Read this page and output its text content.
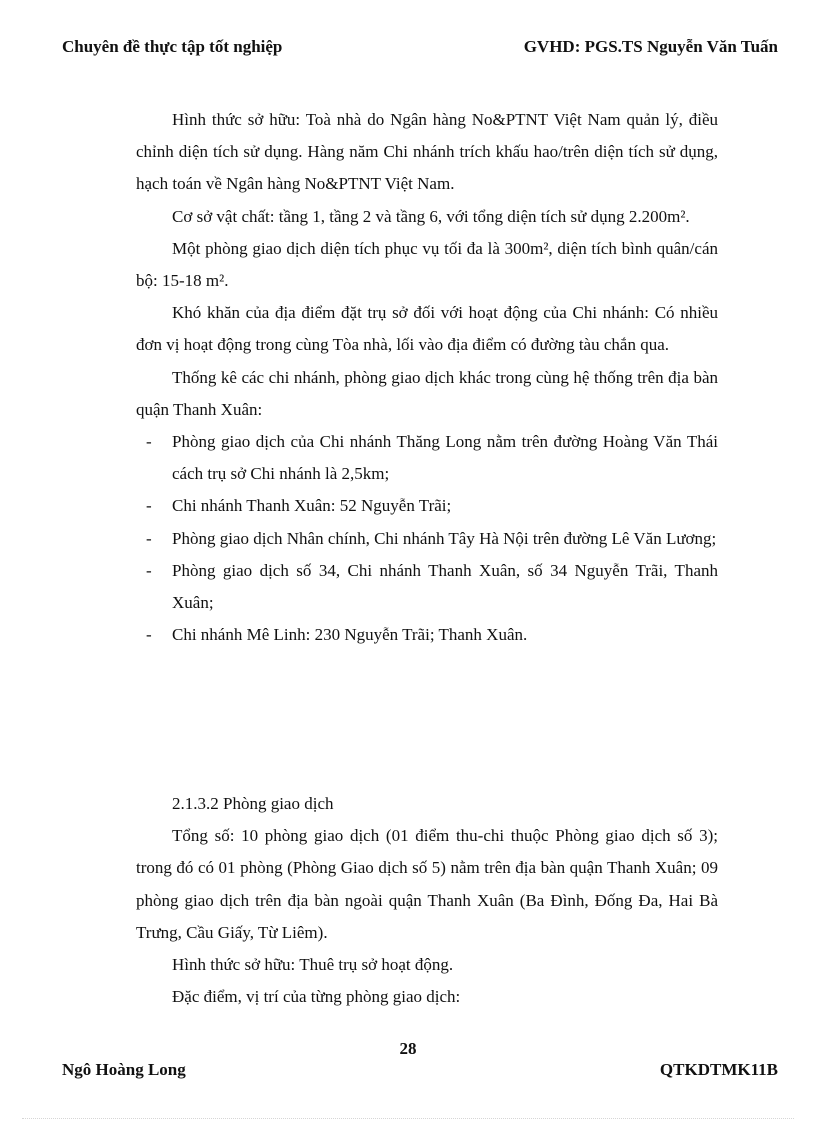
Chuyên đề thực tập tốt nghiệp	GVHD: PGS.TS Nguyễn Văn Tuấn

Hình thức sở hữu: Toà nhà do Ngân hàng No&PTNT Việt Nam quản lý, điều chỉnh diện tích sử dụng. Hàng năm Chi nhánh trích khấu hao/trên diện tích sử dụng, hạch toán về Ngân hàng No&PTNT Việt Nam.

Cơ sở vật chất: tầng 1, tầng 2 và tầng 6, với tổng diện tích sử dụng 2.200m².

Một phòng giao dịch diện tích phục vụ tối đa là 300m², diện tích bình quân/cán bộ: 15-18 m².

Khó khăn của địa điểm đặt trụ sở đối với hoạt động của Chi nhánh: Có nhiều đơn vị hoạt động trong cùng Tòa nhà, lối vào địa điểm có đường tàu chắn qua.

Thống kê các chi nhánh, phòng giao dịch khác trong cùng hệ thống trên địa bàn quận Thanh Xuân:

- Phòng giao dịch của Chi nhánh Thăng Long nằm trên đường Hoàng Văn Thái cách trụ sở Chi nhánh là 2,5km;
- Chi nhánh Thanh Xuân: 52 Nguyễn Trãi;
- Phòng giao dịch Nhân chính, Chi nhánh Tây Hà Nội trên đường Lê Văn Lương;
- Phòng giao dịch số 34, Chi nhánh Thanh Xuân, số 34 Nguyễn Trãi, Thanh Xuân;
- Chi nhánh Mê Linh: 230 Nguyễn Trãi; Thanh Xuân.

2.1.3.2 Phòng giao dịch

Tổng số: 10 phòng giao dịch (01 điểm thu-chi thuộc Phòng giao dịch số 3); trong đó có 01 phòng (Phòng Giao dịch số 5) nằm trên địa bàn quận Thanh Xuân; 09 phòng giao dịch trên địa bàn ngoài quận Thanh Xuân (Ba Đình, Đống Đa, Hai Bà Trưng, Cầu Giấy, Từ Liêm).

Hình thức sở hữu: Thuê trụ sở hoạt động.

Đặc điểm, vị trí của từng phòng giao dịch:

28
Ngô Hoàng Long	QTKDTMK11B
